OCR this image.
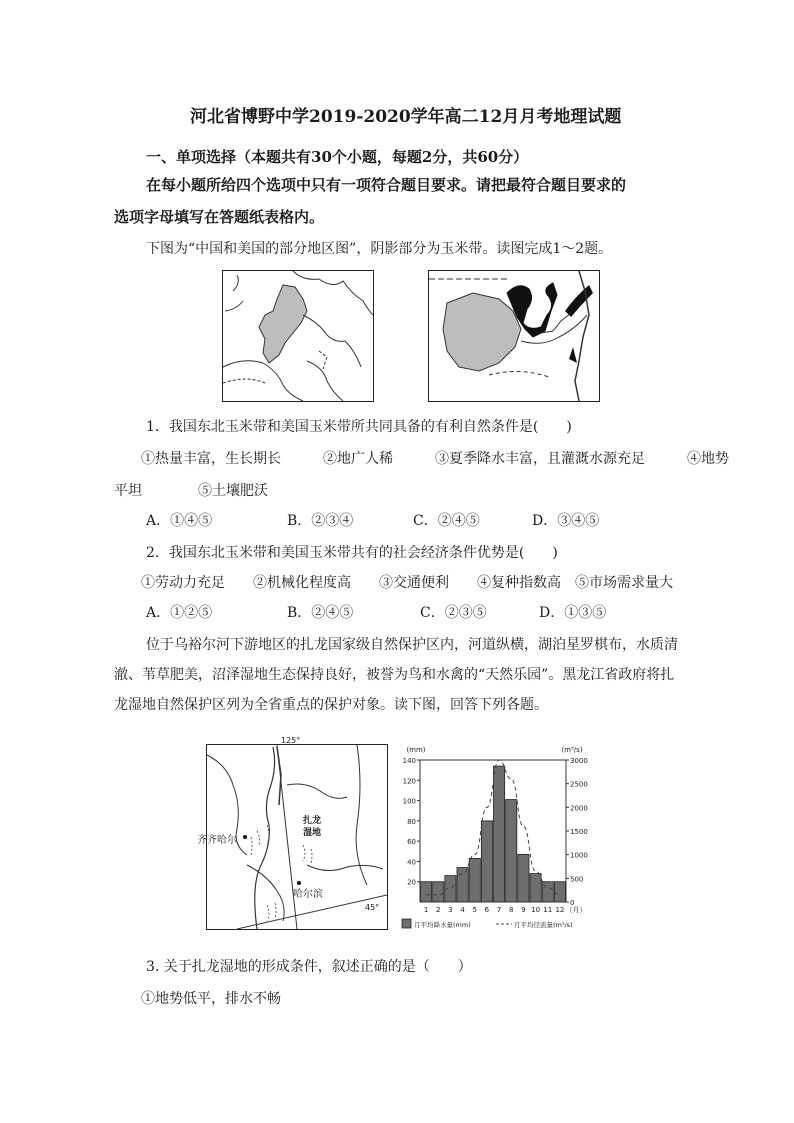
河北省博野中学2019-2020学年高二12月月考地理试题
一、单项选择（本题共有30个小题，每题2分，共60分）
在每小题所给四个选项中只有一项符合题目要求。请把最符合题目要求的
选项字母填写在答题纸表格内。
下图为“中国和美国的部分地区图”，阴影部分为玉米带。读图完成1～2题。
1．我国东北玉米带和美国玉米带所共同具备的有利自然条件是(　　)
①热量丰富，生长期长　　　②地广人稀　　　③夏季降水丰富，且灌溉水源充足　　　④地势
平坦　　　　⑤土壤肥沃
A．①④⑤	B．②③④	C．②④⑤	D．③④⑤
2．我国东北玉米带和美国玉米带共有的社会经济条件优势是(　　)
①劳动力充足　　②机械化程度高　　③交通便利　　④复种指数高　⑤市场需求量大
A．①②⑤	B．②④⑤	C．②③⑤	D．①③⑤
位于乌裕尔河下游地区的扎龙国家级自然保护区内，河道纵横，湖泊星罗棋布，水质清
澈、苇草肥美，沼泽湿地生态保持良好，被誉为鸟和水禽的“天然乐园”。黑龙江省政府将扎
龙湿地自然保护区列为全省重点的保护对象。读下图，回答下列各题。
125°
齐齐哈尔
扎龙
湿地
哈尔滨
45°
20
40
60
80
100
120
140
0
500
1000
1500
2000
2500
3000
(mm)	(m³/s)
1 2 3 4 5 6 7 8 9 10 11 12 （月）
月平均降水量(mm)	月平均径流量(m³/s)
3. 关于扎龙湿地的形成条件，叙述正确的是（　　）
①地势低平，排水不畅
